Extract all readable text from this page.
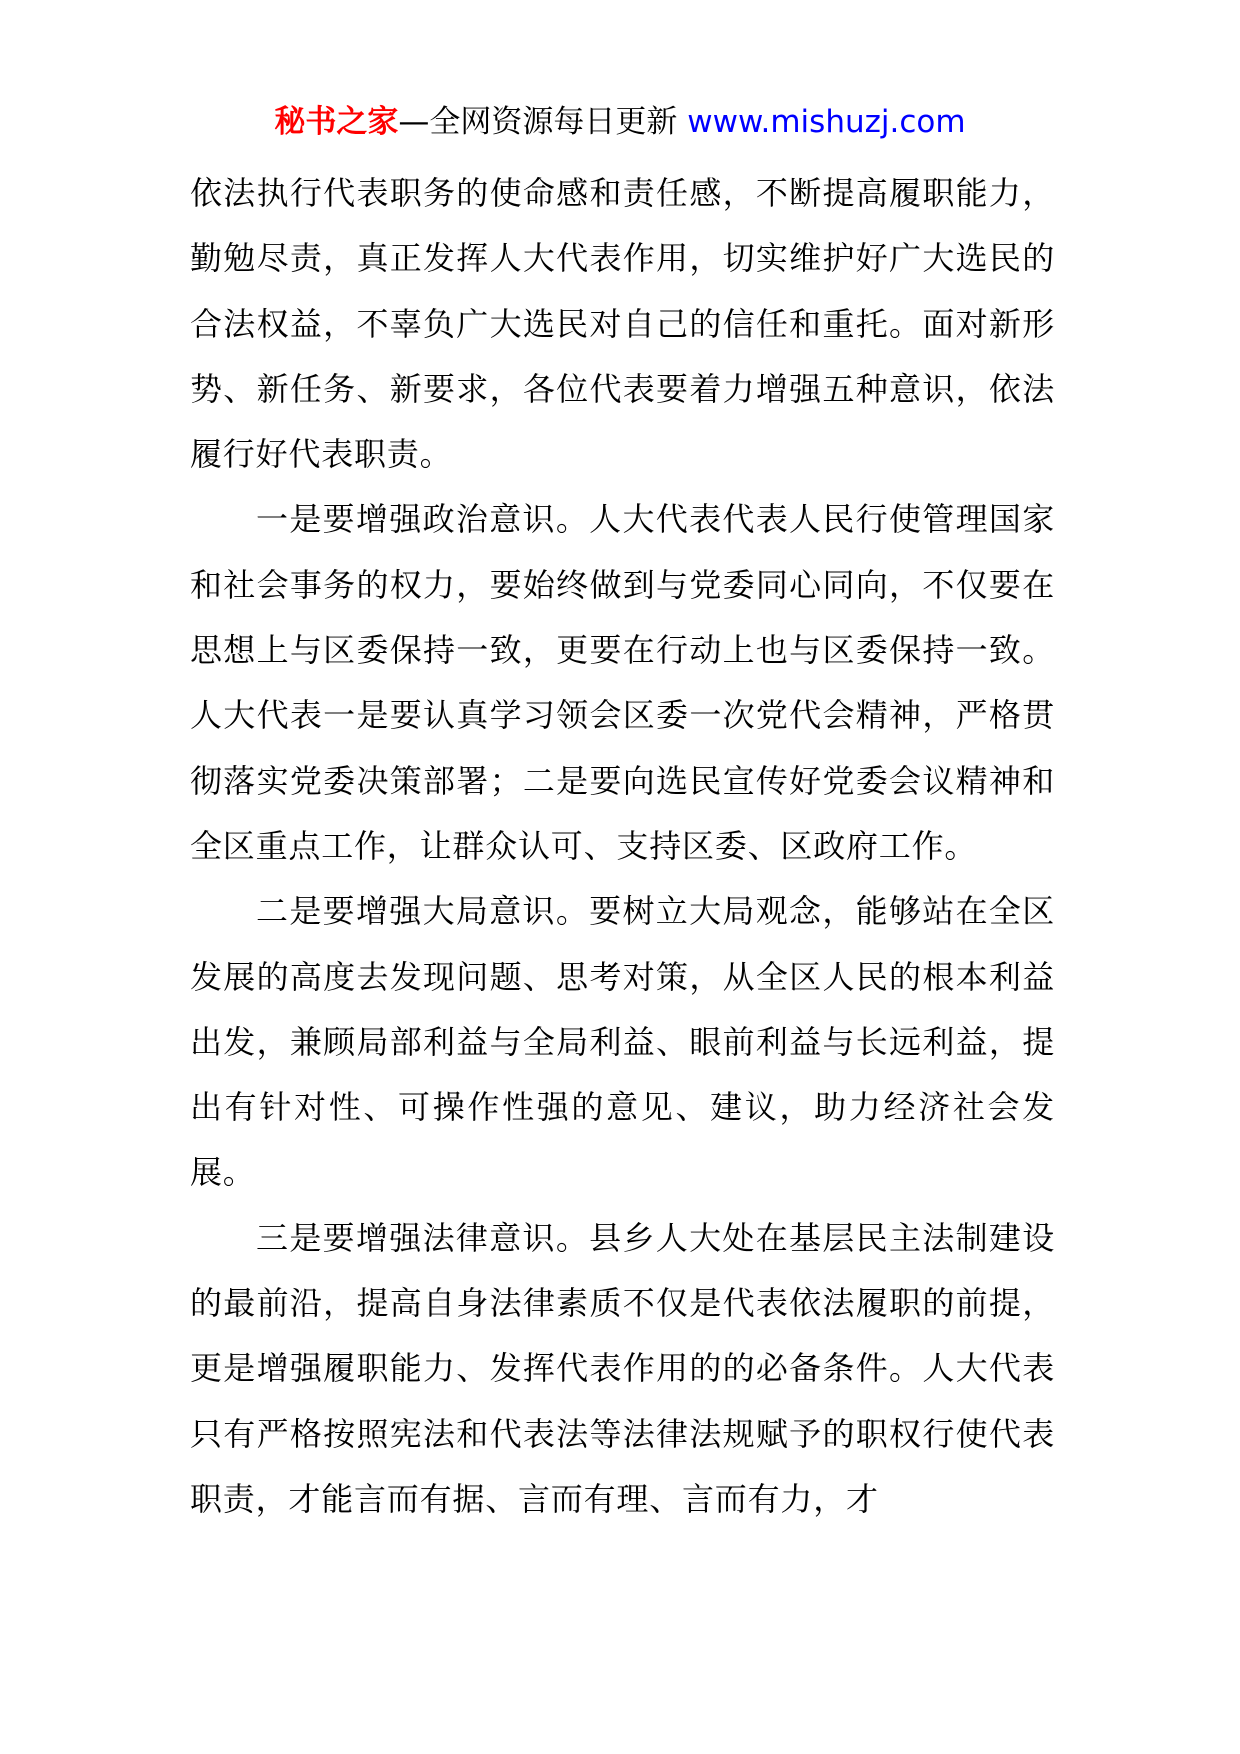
秘书之家—全网资源每日更新 www.mishuzj.com

依法执行代表职务的使命感和责任感，不断提高履职能力，勤勉尽责，真正发挥人大代表作用，切实维护好广大选民的合法权益，不辜负广大选民对自己的信任和重托。面对新形势、新任务、新要求，各位代表要着力增强五种意识，依法履行好代表职责。

一是要增强政治意识。人大代表代表人民行使管理国家和社会事务的权力，要始终做到与党委同心同向，不仅要在思想上与区委保持一致，更要在行动上也与区委保持一致。人大代表一是要认真学习领会区委一次党代会精神，严格贯彻落实党委决策部署；二是要向选民宣传好党委会议精神和全区重点工作，让群众认可、支持区委、区政府工作。

二是要增强大局意识。要树立大局观念，能够站在全区发展的高度去发现问题、思考对策，从全区人民的根本利益出发，兼顾局部利益与全局利益、眼前利益与长远利益，提出有针对性、可操作性强的意见、建议，助力经济社会发展。

三是要增强法律意识。县乡人大处在基层民主法制建设的最前沿，提高自身法律素质不仅是代表依法履职的前提，更是增强履职能力、发挥代表作用的的必备条件。人大代表只有严格按照宪法和代表法等法律法规赋予的职权行使代表职责，才能言而有据、言而有理、言而有力，才
